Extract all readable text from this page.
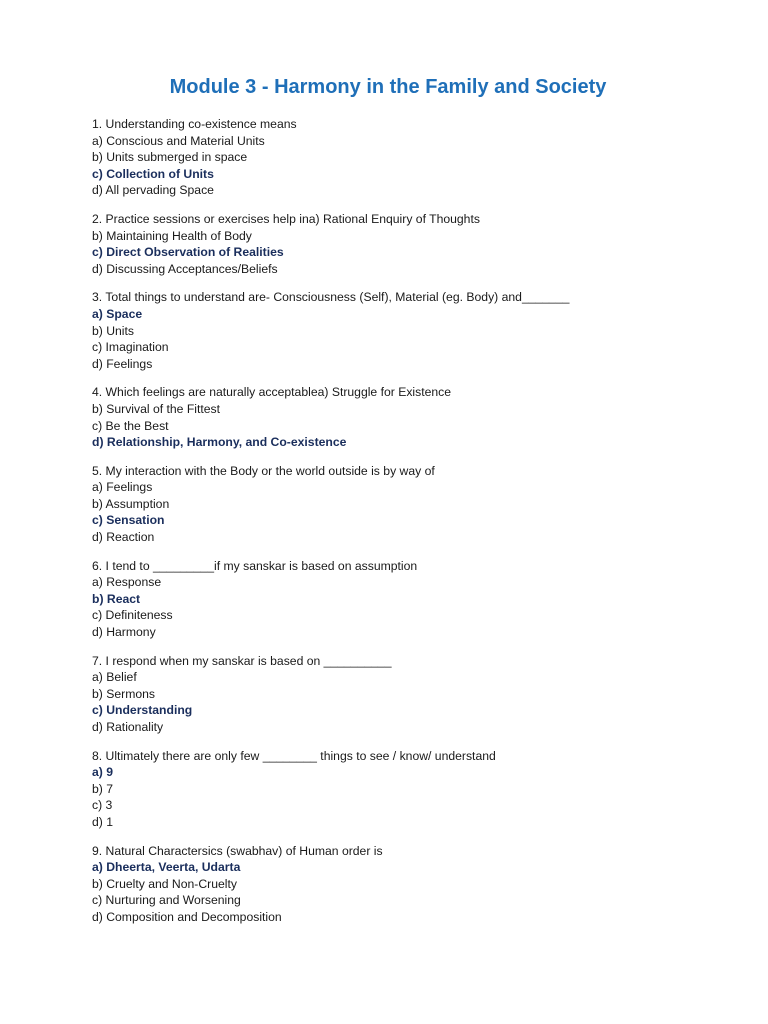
Module 3 - Harmony in the Family and Society
1. Understanding co-existence means
a) Conscious and Material Units
b) Units submerged in space
c) Collection of Units
d) All pervading Space
2. Practice sessions or exercises help ina) Rational Enquiry of Thoughts
b) Maintaining Health of Body
c) Direct Observation of Realities
d) Discussing Acceptances/Beliefs
3. Total things to understand are- Consciousness (Self), Material (eg. Body) and_______
a) Space
b) Units
c) Imagination
d) Feelings
4. Which feelings are naturally acceptablea) Struggle for Existence
b) Survival of the Fittest
c) Be the Best
d) Relationship, Harmony, and Co-existence
5. My interaction with the Body or the world outside is by way of
a) Feelings
b) Assumption
c) Sensation
d) Reaction
6. I tend to _________if my sanskar is based on assumption
a) Response
b) React
c) Definiteness
d) Harmony
7. I respond when my sanskar is based on __________
a) Belief
b) Sermons
c) Understanding
d) Rationality
8. Ultimately there are only few ________ things to see / know/ understand
a) 9
b) 7
c) 3
d) 1
9. Natural Charactersics (swabhav) of Human order is
a) Dheerta, Veerta, Udarta
b) Cruelty and Non-Cruelty
c) Nurturing and Worsening
d) Composition and Decomposition
